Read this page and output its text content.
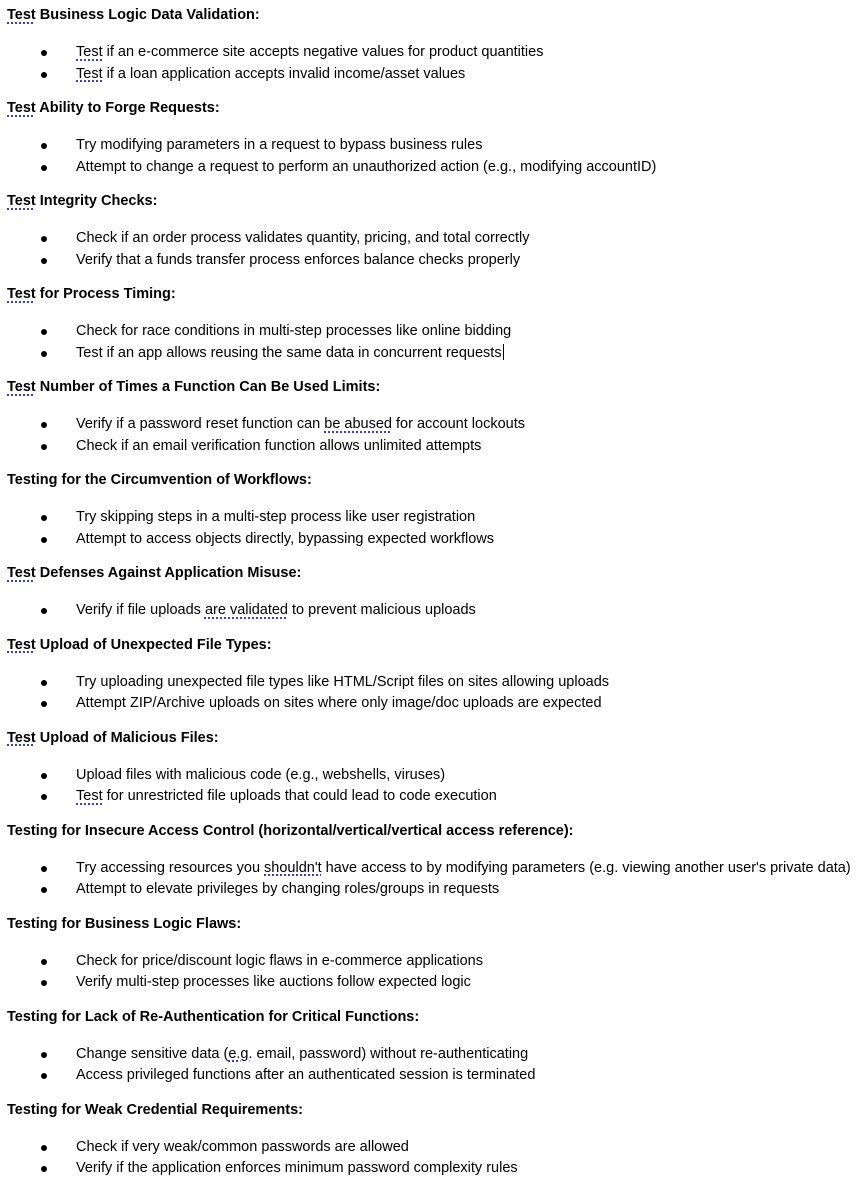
Test Business Logic Data Validation:
Test if an e-commerce site accepts negative values for product quantities
Test if a loan application accepts invalid income/asset values
Test Ability to Forge Requests:
Try modifying parameters in a request to bypass business rules
Attempt to change a request to perform an unauthorized action (e.g., modifying accountID)
Test Integrity Checks:
Check if an order process validates quantity, pricing, and total correctly
Verify that a funds transfer process enforces balance checks properly
Test for Process Timing:
Check for race conditions in multi-step processes like online bidding
Test if an app allows reusing the same data in concurrent requests
Test Number of Times a Function Can Be Used Limits:
Verify if a password reset function can be abused for account lockouts
Check if an email verification function allows unlimited attempts
Testing for the Circumvention of Workflows:
Try skipping steps in a multi-step process like user registration
Attempt to access objects directly, bypassing expected workflows
Test Defenses Against Application Misuse:
Verify if file uploads are validated to prevent malicious uploads
Test Upload of Unexpected File Types:
Try uploading unexpected file types like HTML/Script files on sites allowing uploads
Attempt ZIP/Archive uploads on sites where only image/doc uploads are expected
Test Upload of Malicious Files:
Upload files with malicious code (e.g., webshells, viruses)
Test for unrestricted file uploads that could lead to code execution
Testing for Insecure Access Control (horizontal/vertical/vertical access reference):
Try accessing resources you shouldn't have access to by modifying parameters (e.g. viewing another user's private data)
Attempt to elevate privileges by changing roles/groups in requests
Testing for Business Logic Flaws:
Check for price/discount logic flaws in e-commerce applications
Verify multi-step processes like auctions follow expected logic
Testing for Lack of Re-Authentication for Critical Functions:
Change sensitive data (e.g. email, password) without re-authenticating
Access privileged functions after an authenticated session is terminated
Testing for Weak Credential Requirements:
Check if very weak/common passwords are allowed
Verify if the application enforces minimum password complexity rules
